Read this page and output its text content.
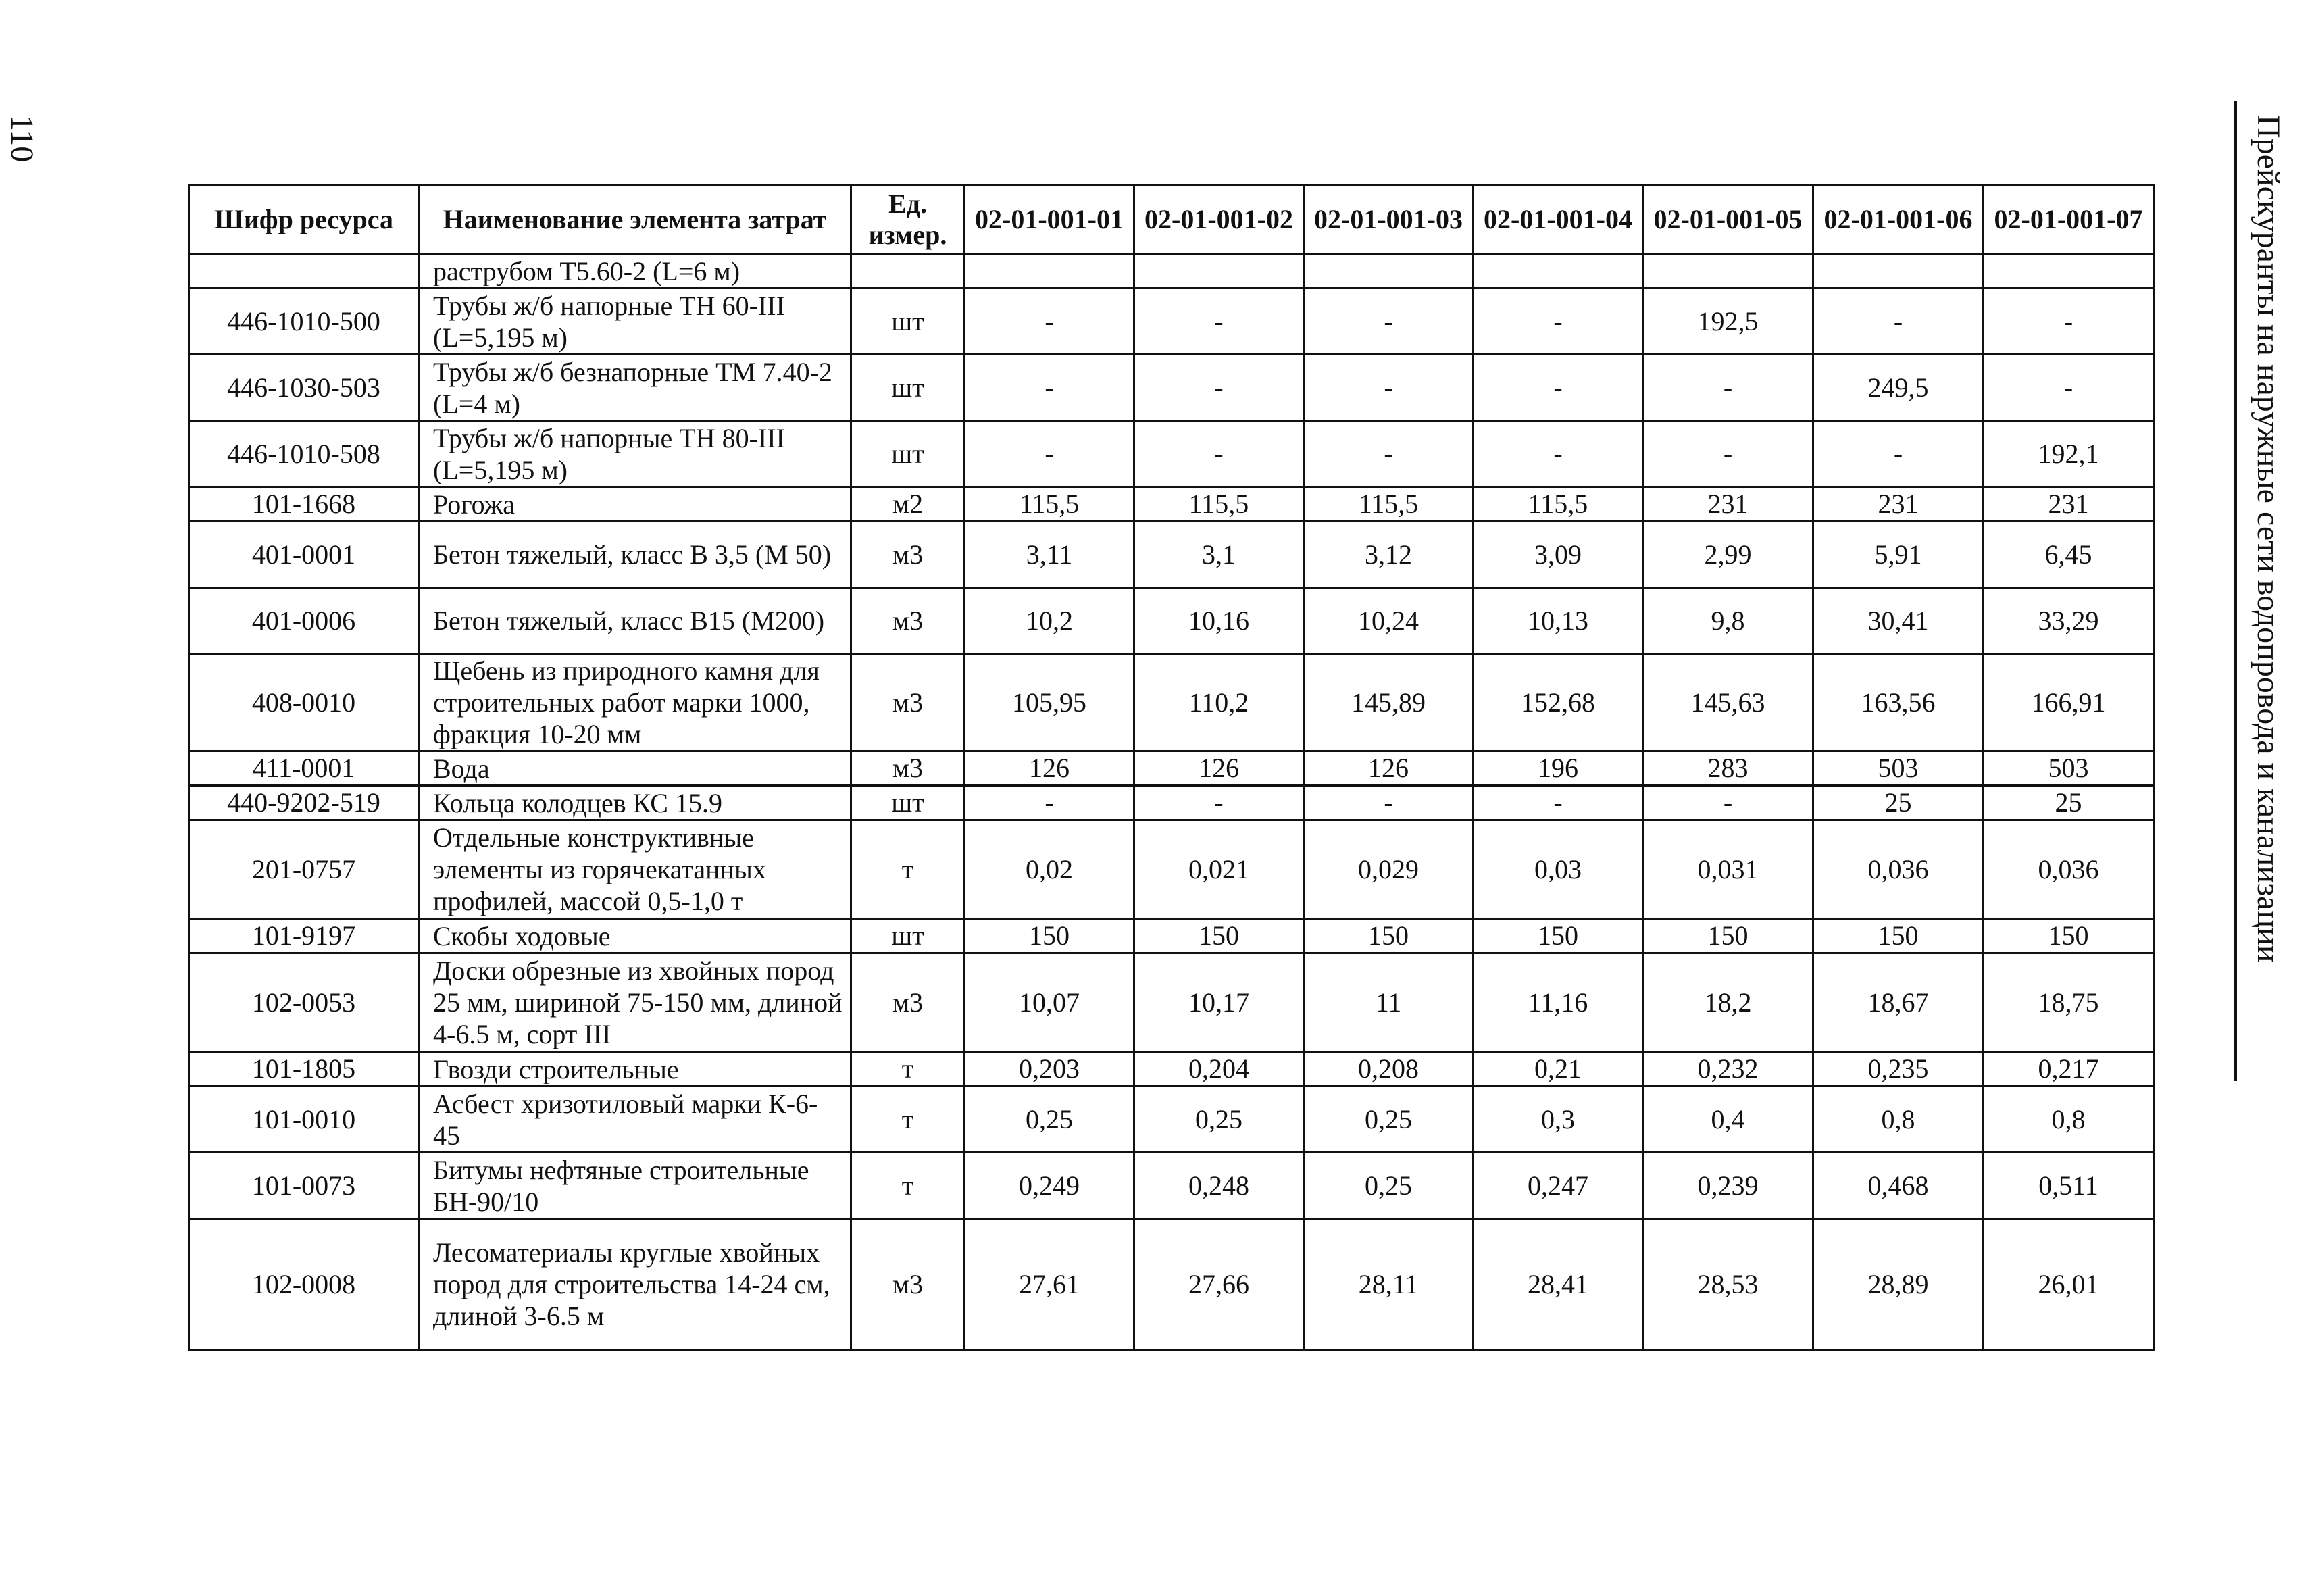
110	Прейскуранты на наружные сети водопровода и канализации
Шифр ресурса	Наименование элемента затрат	Ед. измер.	02-01-001-01	02-01-001-02	02-01-001-03	02-01-001-04	02-01-001-05	02-01-001-06	02-01-001-07
	раструбом Т5.60-2 (L=6 м)								
446-1010-500	Трубы ж/б напорные ТН 60-III (L=5,195 м)	шт	-	-	-	-	192,5	-	-
446-1030-503	Трубы ж/б безнапорные ТМ 7.40-2 (L=4 м)	шт	-	-	-	-	-	249,5	-
446-1010-508	Трубы ж/б напорные ТН 80-III (L=5,195 м)	шт	-	-	-	-	-	-	192,1
101-1668	Рогожа	м2	115,5	115,5	115,5	115,5	231	231	231
401-0001	Бетон тяжелый, класс В 3,5 (М 50)	м3	3,11	3,1	3,12	3,09	2,99	5,91	6,45
401-0006	Бетон тяжелый, класс В15 (М200)	м3	10,2	10,16	10,24	10,13	9,8	30,41	33,29
408-0010	Щебень из природного камня для строительных работ марки 1000, фракция 10-20 мм	м3	105,95	110,2	145,89	152,68	145,63	163,56	166,91
411-0001	Вода	м3	126	126	126	196	283	503	503
440-9202-519	Кольца колодцев КС 15.9	шт	-	-	-	-	-	25	25
201-0757	Отдельные конструктивные элементы из горячекатанных профилей, массой 0,5-1,0 т	т	0,02	0,021	0,029	0,03	0,031	0,036	0,036
101-9197	Скобы ходовые	шт	150	150	150	150	150	150	150
102-0053	Доски обрезные из хвойных пород 25 мм, шириной 75-150 мм, длиной 4-6.5 м, сорт III	м3	10,07	10,17	11	11,16	18,2	18,67	18,75
101-1805	Гвозди строительные	т	0,203	0,204	0,208	0,21	0,232	0,235	0,217
101-0010	Асбест хризотиловый марки К-6-45	т	0,25	0,25	0,25	0,3	0,4	0,8	0,8
101-0073	Битумы нефтяные строительные БН-90/10	т	0,249	0,248	0,25	0,247	0,239	0,468	0,511
102-0008	Лесоматериалы круглые хвойных пород для строительства 14-24 см, длиной 3-6.5 м	м3	27,61	27,66	28,11	28,41	28,53	28,89	26,01
